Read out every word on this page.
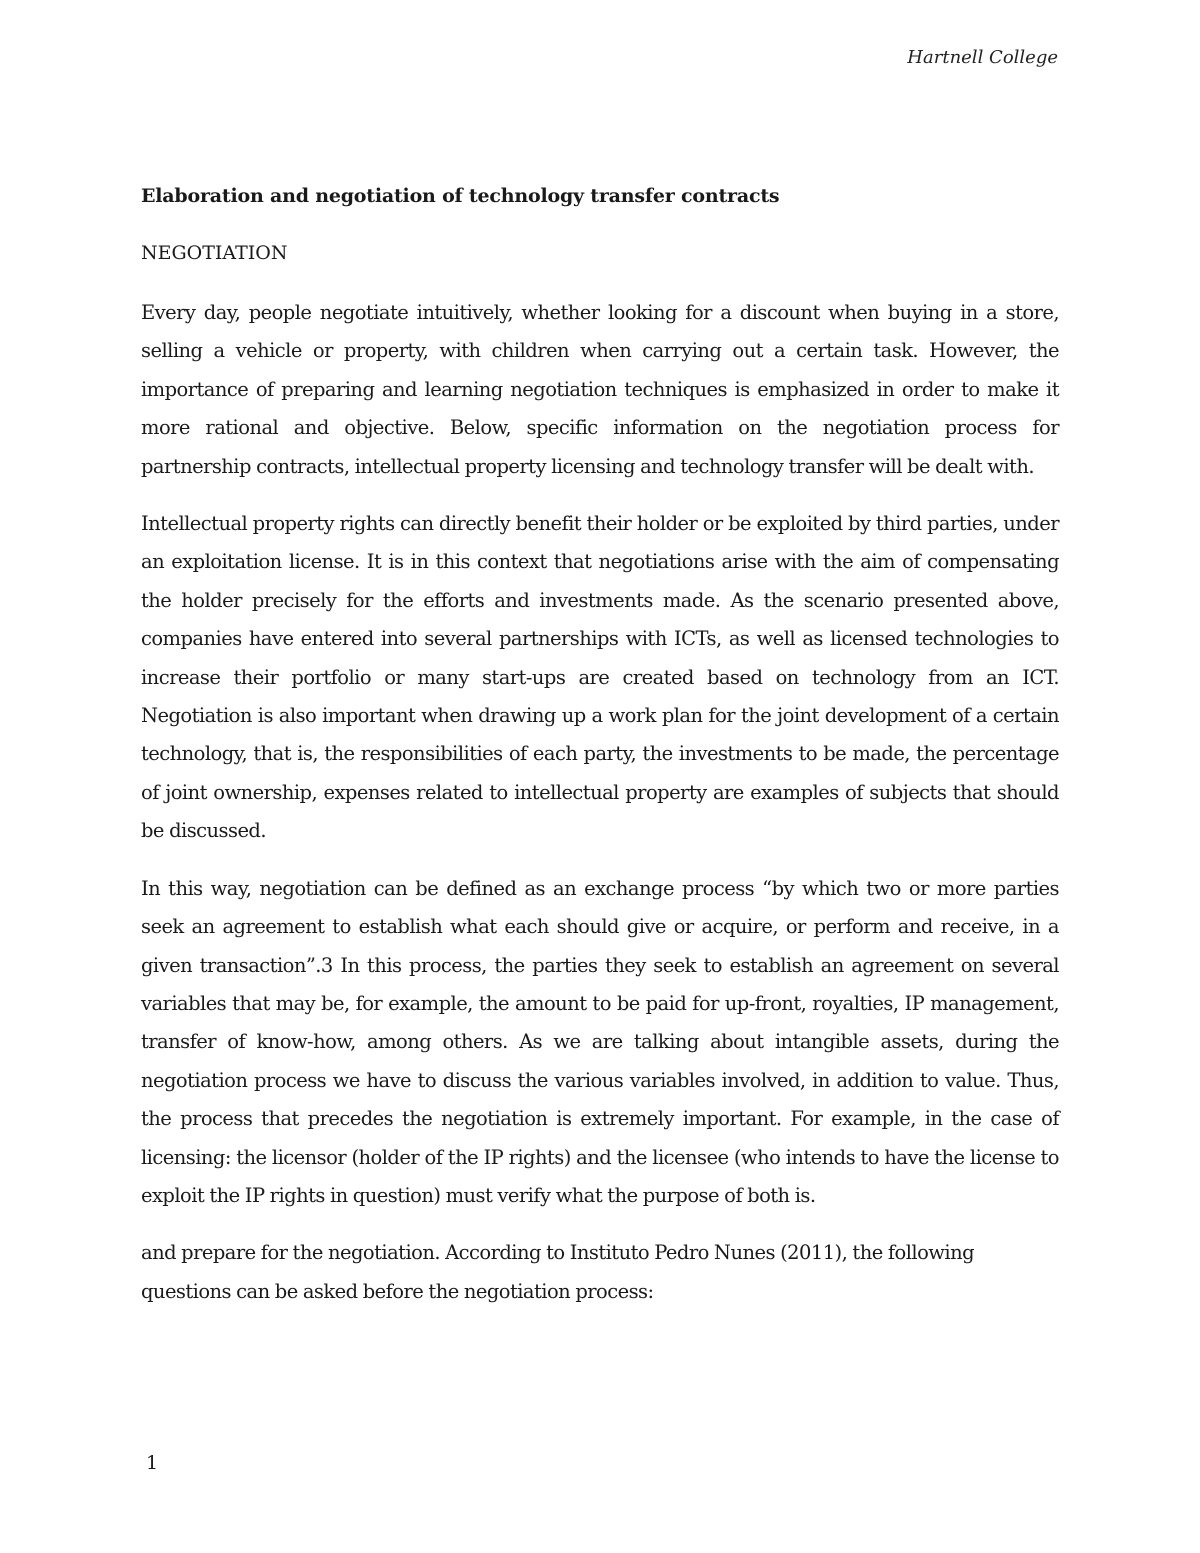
Hartnell College

Elaboration and negotiation of technology transfer contracts

NEGOTIATION

Every day, people negotiate intuitively, whether looking for a discount when buying in a store, selling a vehicle or property, with children when carrying out a certain task. However, the importance of preparing and learning negotiation techniques is emphasized in order to make it more rational and objective. Below, specific information on the negotiation process for partnership contracts, intellectual property licensing and technology transfer will be dealt with.

Intellectual property rights can directly benefit their holder or be exploited by third parties, under an exploitation license. It is in this context that negotiations arise with the aim of compensating the holder precisely for the efforts and investments made. As the scenario presented above, companies have entered into several partnerships with ICTs, as well as licensed technologies to increase their portfolio or many start-ups are created based on technology from an ICT. Negotiation is also important when drawing up a work plan for the joint development of a certain technology, that is, the responsibilities of each party, the investments to be made, the percentage of joint ownership, expenses related to intellectual property are examples of subjects that should be discussed.

In this way, negotiation can be defined as an exchange process “by which two or more parties seek an agreement to establish what each should give or acquire, or perform and receive, in a given transaction”.3 In this process, the parties they seek to establish an agreement on several variables that may be, for example, the amount to be paid for up-front, royalties, IP management, transfer of know-how, among others. As we are talking about intangible assets, during the negotiation process we have to discuss the various variables involved, in addition to value. Thus, the process that precedes the negotiation is extremely important. For example, in the case of licensing: the licensor (holder of the IP rights) and the licensee (who intends to have the license to exploit the IP rights in question) must verify what the purpose of both is.

and prepare for the negotiation. According to Instituto Pedro Nunes (2011), the following questions can be asked before the negotiation process:

1
